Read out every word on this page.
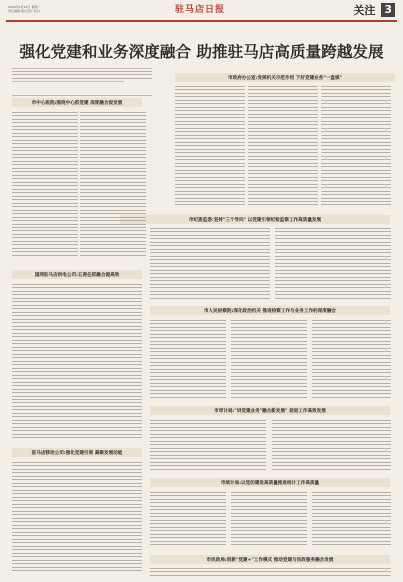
2020年5月18日 星期一
责任编辑 版式设计 校对	驻马店日报	关注 3
强化党建和业务深度融合 助推驻马店高质量跨越发展
市政府办公室:发挥机关示范作用 下好党建业务"一盘棋"
市纪委监委:坚持"三个导向" 以党建引领纪检监察工作高质量发展
市中心医院:围绕中心抓党建 深度融合促发展
市人民检察院:深化政治机关 推进检察工作与业务工作的深度融合
国网驻马店供电公司:五责任抓融合提高效
市审计局:"讲党建业务"融合新发展" 促进工作高效发展
驻马店移动公司:强化党建引领 凝聚发展动能
市统计局:以党的建设高质量推进统计工作高质量
市民政局:创新"党建+"工作模式 推动党建与民政服务融合发展
